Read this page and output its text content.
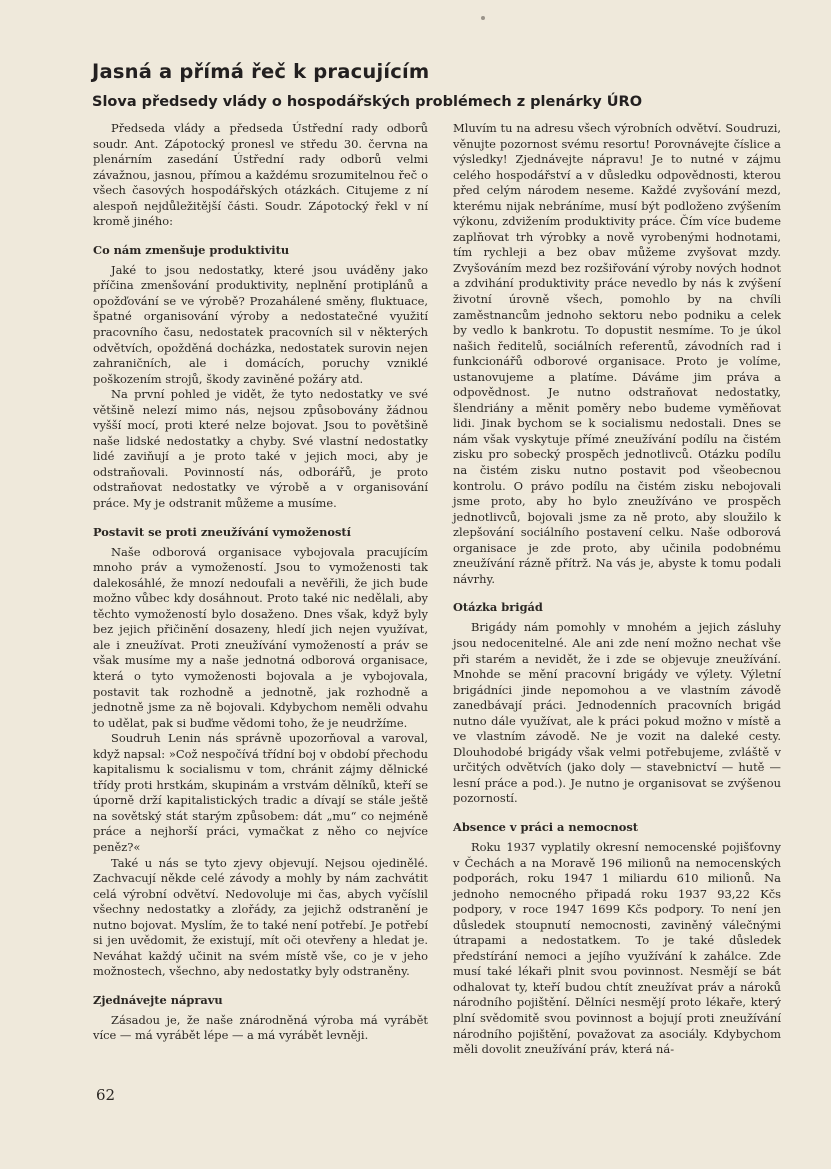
Jasná a přímá řeč k pracujícím
Slova předsedy vlády o hospodářských problémech z plenárky ÚRO

Předseda vlády a předseda Ústřední rady odborů soudr. Ant. Zápotocký pronesl ve středu 30. června na plenárním zasedání Ústřední rady odborů velmi závažnou, jasnou, přímou a každému srozumitelnou řeč o všech časových hospodářských otázkách. Citujeme z ní alespoň nejdůležitější části. Soudr. Zápotocký řekl v ní kromě jiného:

Co nám zmenšuje produktivitu

Jaké to jsou nedostatky, které jsou uváděny jako příčina zmenšování produktivity, neplnění protiplánů a opožďování se ve výrobě? Prozahálené směny, fluktuace, špatné organisování výroby a nedostatečné využití pracovního času, nedostatek pracovních sil v některých odvětvích, opožděná docházka, nedostatek surovin nejen zahraničních, ale i domácích, poruchy vzniklé poškozením strojů, škody zaviněné požáry atd.

Na první pohled je vidět, že tyto nedostatky ve své většině nelezí mimo nás, nejsou způsobovány žádnou vyšší mocí, proti které nelze bojovat. Jsou to povětšině naše lidské nedostatky a chyby. Své vlastní nedostatky lidé zaviňují a je proto také v jejich moci, aby je odstraňovali. Povinností nás, odborářů, je proto odstraňovat nedostatky ve výrobě a v organisování práce. My je odstranit můžeme a musíme.

Postavit se proti zneužívání vymožeností

Naše odborová organisace vybojovala pracujícím mnoho práv a vymožeností. Jsou to vymoženosti tak dalekosáhlé, že mnozí nedoufali a nevěřili, že jich bude možno vůbec kdy dosáhnout. Proto také nic nedělali, aby těchto vymožeností bylo dosaženo. Dnes však, když byly bez jejich přičinění dosazeny, hledí jich nejen využívat, ale i zneužívat. Proti zneužívání vymožeností a práv se však musíme my a naše jednotná odborová organisace, která o tyto vymoženosti bojovala a je vybojovala, postavit tak rozhodně a jednotně, jak rozhodně a jednotně jsme za ně bojovali. Kdybychom neměli odvahu to udělat, pak si buďme vědomi toho, že je neudržíme.

Soudruh Lenin nás správně upozorňoval a varoval, když napsal: »Což nespočívá třídní boj v období přechodu kapitalismu k socialismu v tom, chránit zájmy dělnické třídy proti hrstkám, skupinám a vrstvám dělníků, kteří se úporně drží kapitalistických tradic a dívají se stále ještě na sovětský stát starým způsobem: dát „mu“ co nejméně práce a nejhorší práci, vymačkat z něho co nejvíce peněz?«

Také u nás se tyto zjevy objevují. Nejsou ojedinělé. Zachvacují někde celé závody a mohly by nám zachvátit celá výrobní odvětví. Nedovoluje mi čas, abych vyčíslil všechny nedostatky a zlořády, za jejichž odstranění je nutno bojovat. Myslím, že to také není potřebí. Je potřebí si jen uvědomit, že existují, mít oči otevřeny a hledat je. Neváhat každý učinit na svém místě vše, co je v jeho možnostech, všechno, aby nedostatky byly odstraněny.

Zjednávejte nápravu

Zásadou je, že naše znárodněná výroba má vyrábět více — má vyrábět lépe — a má vyrábět levněji.

Mluvím tu na adresu všech výrobních odvětví. Soudruzi, věnujte pozornost svému resortu! Porovnávejte číslice a výsledky! Zjednávejte nápravu! Je to nutné v zájmu celého hospodářství a v důsledku odpovědnosti, kterou před celým národem neseme. Každé zvyšování mezd, kterému nijak nebráníme, musí být podloženo zvýšením výkonu, zdvižením produktivity práce. Čím více budeme zaplňovat trh výrobky a nově vyrobenými hodnotami, tím rychleji a bez obav můžeme zvyšovat mzdy. Zvyšováním mezd bez rozšiřování výroby nových hodnot a zdvihání produktivity práce nevedlo by nás k zvýšení životní úrovně všech, pomohlo by na chvíli zaměstnancům jednoho sektoru nebo podniku a celek by vedlo k bankrotu. To dopustit nesmíme. To je úkol našich ředitelů, sociálních referentů, závodních rad i funkcionářů odborové organisace. Proto je volíme, ustanovujeme a platíme. Dáváme jim práva a odpovědnost. Je nutno odstraňovat nedostatky, šlendriány a měnit poměry nebo budeme vyměňovat lidi. Jinak bychom se k socialismu nedostali. Dnes se nám však vyskytuje přímé zneužívání podílu na čistém zisku pro sobecký prospěch jednotlivců. Otázku podílu na čistém zisku nutno postavit pod všeobecnou kontrolu. O právo podílu na čistém zisku nebojovali jsme proto, aby ho bylo zneužíváno ve prospěch jednotlivců, bojovali jsme za ně proto, aby sloužilo k zlepšování sociálního postavení celku. Naše odborová organisace je zde proto, aby učinila podobnému zneužívání rázně přítrž. Na vás je, abyste k tomu podali návrhy.

Otázka brigád

Brigády nám pomohly v mnohém a jejich zásluhy jsou nedocenitelné. Ale ani zde není možno nechat vše při starém a nevidět, že i zde se objevuje zneužívání. Mnohde se mění pracovní brigády ve výlety. Výletní brigádníci jinde nepomohou a ve vlastním závodě zanedbávají práci. Jednodenních pracovních brigád nutno dále využívat, ale k práci pokud možno v místě a ve vlastním závodě. Ne je vozit na daleké cesty. Dlouhodobé brigády však velmi potřebujeme, zvláště v určitých odvětvích (jako doly — stavebnictví — hutě — lesní práce a pod.). Je nutno je organisovat se zvýšenou pozorností.

Absence v práci a nemocnost

Roku 1937 vyplatily okresní nemocenské pojišťovny v Čechách a na Moravě 196 milionů na nemocenských podporách, roku 1947 1 miliardu 610 milionů. Na jednoho nemocného připadá roku 1937 93,22 Kčs podpory, v roce 1947 1699 Kčs podpory. To není jen důsledek stoupnutí nemocnosti, zaviněný válečnými útrapami a nedostatkem. To je také důsledek předstírání nemoci a jejího využívání k zahálce. Zde musí také lékaři plnit svou povinnost. Nesmějí se bát odhalovat ty, kteří budou chtít zneužívat práv a nároků národního pojištění. Dělníci nesmějí proto lékaře, který plní svědomitě svou povinnost a bojují proti zneužívání národního pojištění, považovat za asociály. Kdybychom měli dovolit zneužívání práv, která ná-

62
